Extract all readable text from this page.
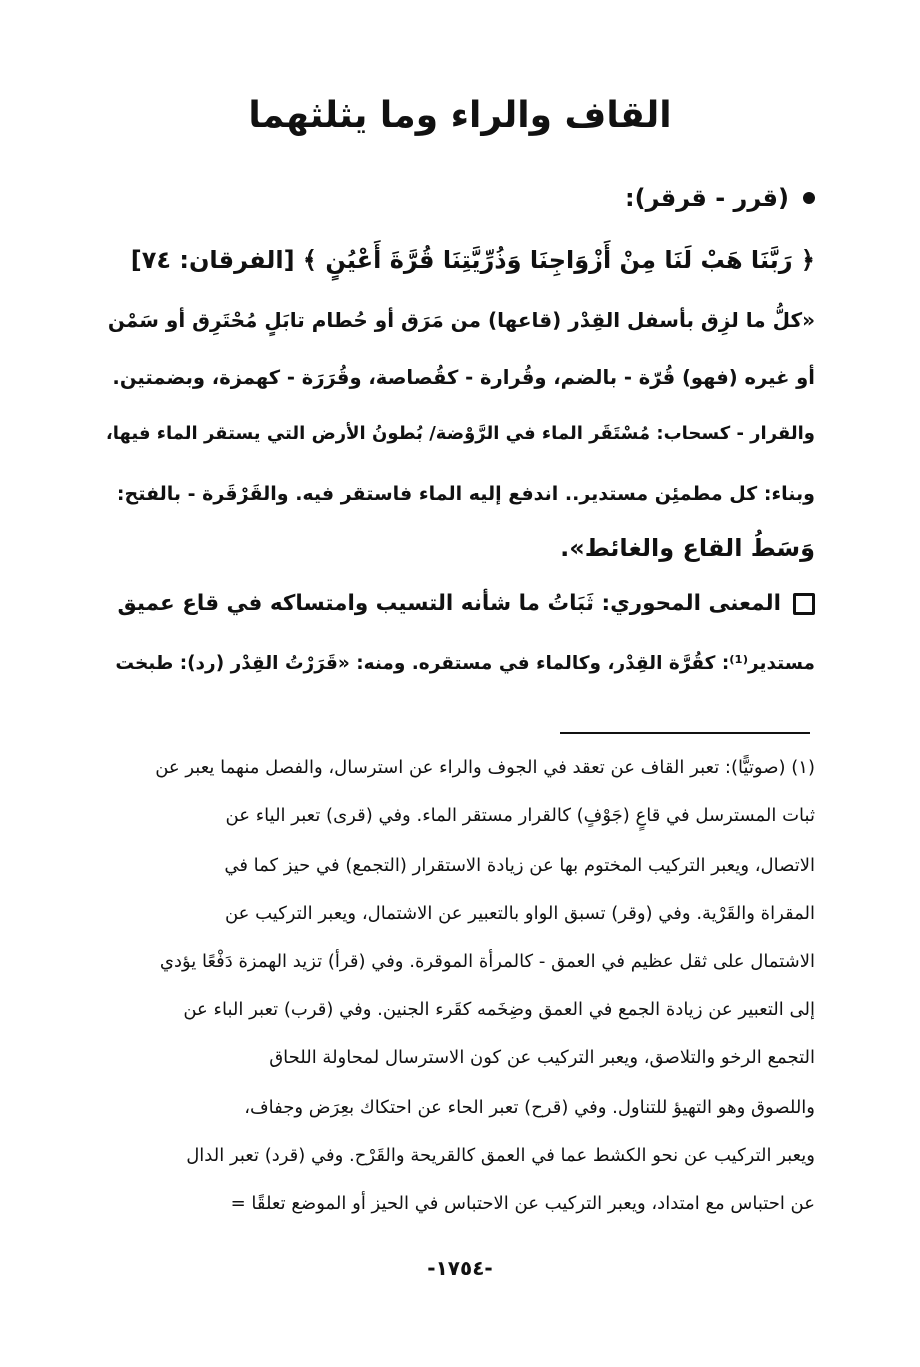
القاف والراء وما يثلثهما
(قرر - قرقر):
﴿ رَبَّنَا هَبْ لَنَا مِنْ أَزْوَاجِنَا وَذُرِّيَّتِنَا قُرَّةَ أَعْيُنٍ ﴾ [الفرقان: ٧٤]
«كلُّ ما لزِق بأسفل القِدْر (قاعها) من مَرَق أو حُطام تابَلٍ مُحْتَرِق أو سَمْن
أو غيره (فهو) قُرّة - بالضم، وقُرارة - كقُصاصة، وقُرَرَة - كهمزة، وبضمتين.
والقرار - كسحاب: مُسْتَقَر الماء في الرَّوْضة/ بُطونُ الأرض التي يستقر الماء فيها،
وبناء: كل مطمئِن مستدير.. اندفع إليه الماء فاستقر فيه. والقَرْقَرة - بالفتح:
وَسَطُ القاع والغائط».
المعنى المحوري: ثَبَاتُ ما شأنه التسيب وامتساكه في قاع عميق
مستدير⁽¹⁾: كقُرَّة القِدْر، وكالماء في مستقره. ومنه: «قَرَرْتُ القِدْر (رد): طبخت
(١) (صوتيًّا): تعبر القاف عن تعقد في الجوف والراء عن استرسال، والفصل منهما يعبر عن
ثبات المسترسل في قاعٍ (جَوْفٍ) كالقرار مستقر الماء. وفي (قرى) تعبر الياء عن
الاتصال، ويعبر التركيب المختوم بها عن زيادة الاستقرار (التجمع) في حيز كما في
المقراة والقَرْية. وفي (وقر) تسبق الواو بالتعبير عن الاشتمال، ويعبر التركيب عن
الاشتمال على ثقل عظيم في العمق - كالمرأة الموقرة. وفي (قرأ) تزيد الهمزة دَفْعًا يؤدي
إلى التعبير عن زيادة الجمع في العمق وضِخَمه كقَرء الجنين. وفي (قرب) تعبر الباء عن
التجمع الرخو والتلاصق، ويعبر التركيب عن كون الاسترسال لمحاولة اللحاق
واللصوق وهو التهيؤ للتناول. وفي (قرح) تعبر الحاء عن احتكاك بعِرَض وجفاف،
ويعبر التركيب عن نحو الكشط عما في العمق كالقريحة والقَرْح. وفي (قرد) تعبر الدال
عن احتباس مع امتداد، ويعبر التركيب عن الاحتباس في الحيز أو الموضع تعلقًا =
-١٧٥٤-
